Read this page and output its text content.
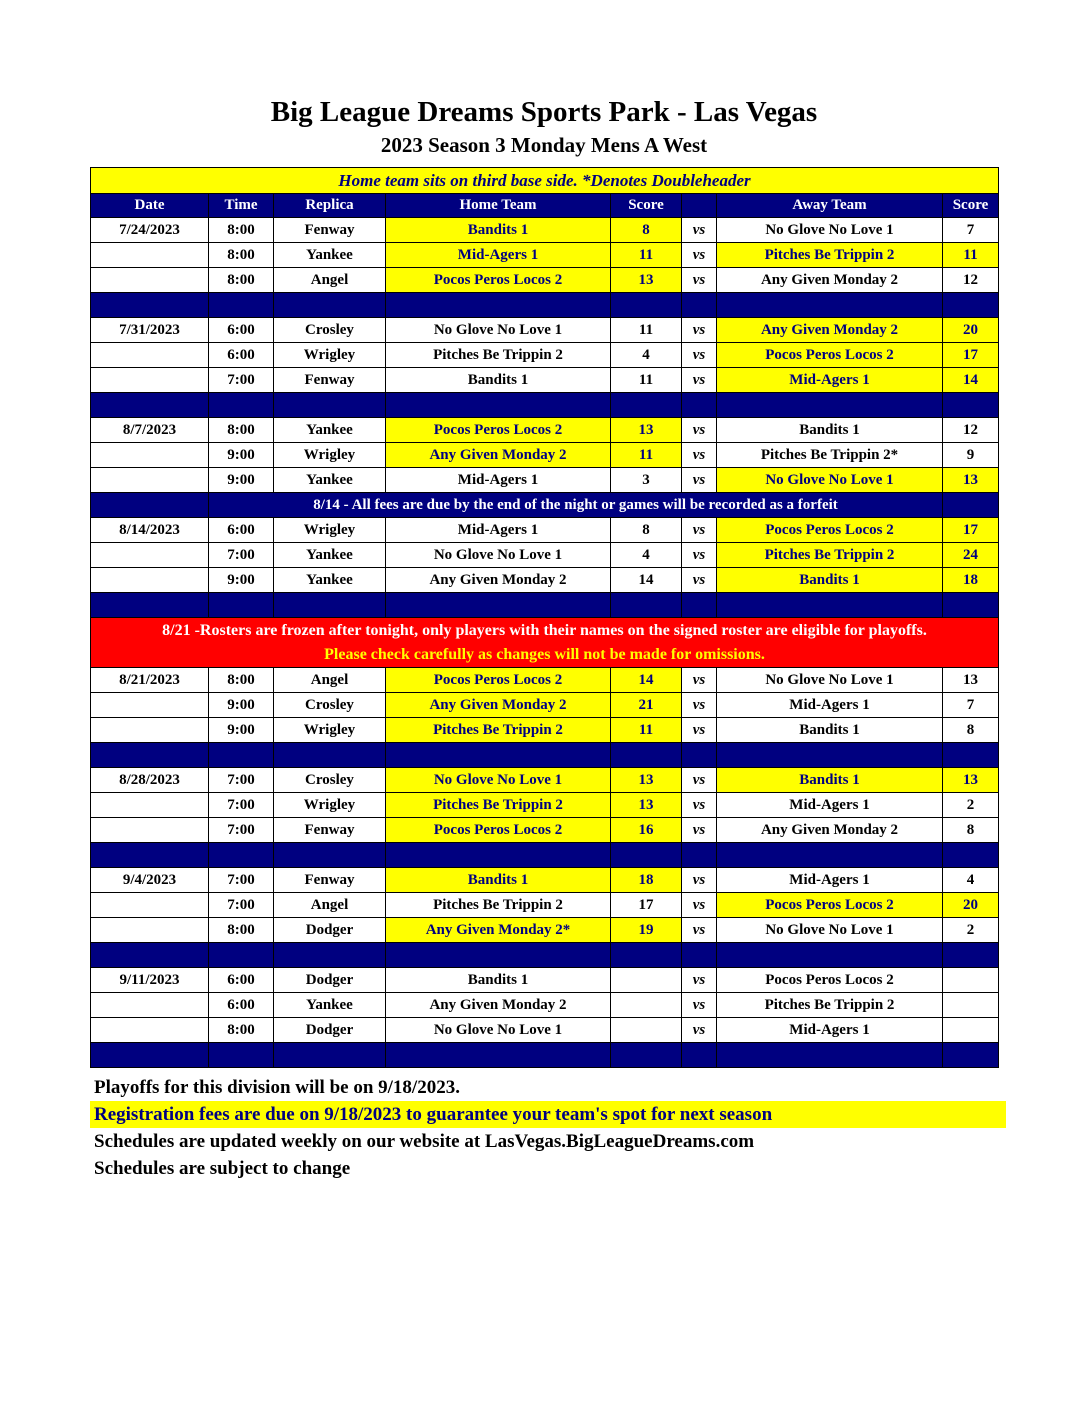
Big League Dreams Sports Park - Las Vegas
2023 Season 3 Monday Mens A West
Home team sits on third base side. *Denotes Doubleheader							
Date	Time	Replica	Home Team	Score		Away Team	Score
7/24/2023	8:00	Fenway	Bandits 1	8	vs	No Glove No Love 1	7
	8:00	Yankee	Mid-Agers 1	11	vs	Pitches Be Trippin 2	11
	8:00	Angel	Pocos Peros Locos 2	13	vs	Any Given Monday 2	12

7/31/2023	6:00	Crosley	No Glove No Love 1	11	vs	Any Given Monday 2	20
	6:00	Wrigley	Pitches Be Trippin 2	4	vs	Pocos Peros Locos 2	17
	7:00	Fenway	Bandits 1	11	vs	Mid-Agers 1	14

8/7/2023	8:00	Yankee	Pocos Peros Locos 2	13	vs	Bandits 1	12
	9:00	Wrigley	Any Given Monday 2	11	vs	Pitches Be Trippin 2*	9
	9:00	Yankee	Mid-Agers 1	3	vs	No Glove No Love 1	13
	8/14 - All fees are due by the end of the night or games will be recorded as a forfeit						
8/14/2023	6:00	Wrigley	Mid-Agers 1	8	vs	Pocos Peros Locos 2	17
	7:00	Yankee	No Glove No Love 1	4	vs	Pitches Be Trippin 2	24
	9:00	Yankee	Any Given Monday 2	14	vs	Bandits 1	18

8/21 -Rosters are frozen after tonight, only players with their names on the signed roster are eligible for playoffs.
Please check carefully as changes will not be made for omissions.							

8/21/2023	8:00	Angel	Pocos Peros Locos 2	14	vs	No Glove No Love 1	13
	9:00	Crosley	Any Given Monday 2	21	vs	Mid-Agers 1	7
	9:00	Wrigley	Pitches Be Trippin 2	11	vs	Bandits 1	8

8/28/2023	7:00	Crosley	No Glove No Love 1	13	vs	Bandits 1	13
	7:00	Wrigley	Pitches Be Trippin 2	13	vs	Mid-Agers 1	2
	7:00	Fenway	Pocos Peros Locos 2	16	vs	Any Given Monday 2	8

9/4/2023	7:00	Fenway	Bandits 1	18	vs	Mid-Agers 1	4
	7:00	Angel	Pitches Be Trippin 2	17	vs	Pocos Peros Locos 2	20
	8:00	Dodger	Any Given Monday 2*	19	vs	No Glove No Love 1	2

9/11/2023	6:00	Dodger	Bandits 1		vs	Pocos Peros Locos 2	
	6:00	Yankee	Any Given Monday 2		vs	Pitches Be Trippin 2	
	8:00	Dodger	No Glove No Love 1		vs	Mid-Agers 1	

Playoffs for this division will be on 9/18/2023.
Registration fees are due on 9/18/2023 to guarantee your team's spot for next season
Schedules are updated weekly on our website at LasVegas.BigLeagueDreams.com
Schedules are subject to change
